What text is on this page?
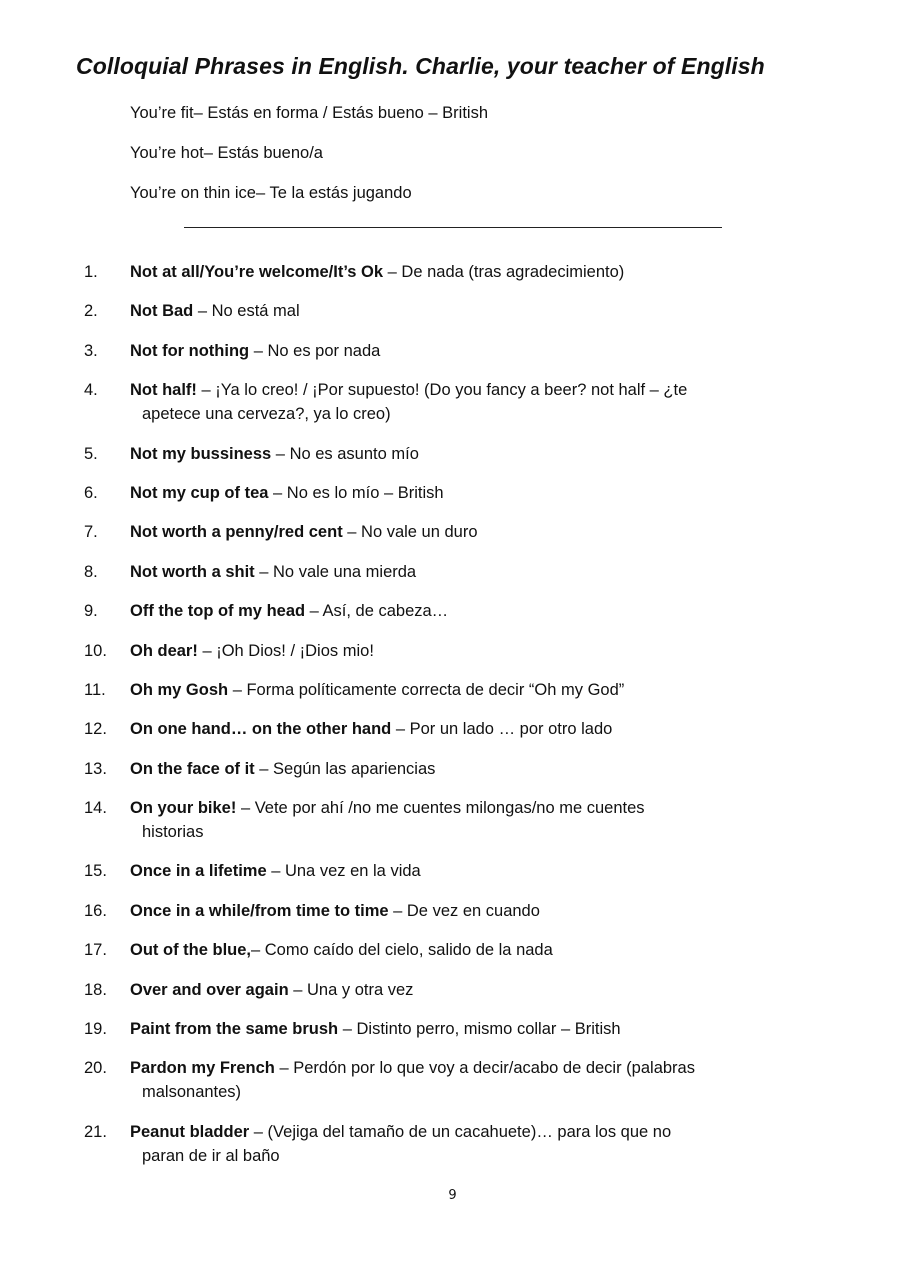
Colloquial Phrases in English. Charlie, your teacher of English
You’re fit– Estás en forma / Estás bueno – British
You’re hot– Estás bueno/a
You’re on thin ice– Te la estás jugando
1. Not at all/You’re welcome/It’s Ok – De nada (tras agradecimiento)
2. Not Bad – No está mal
3. Not for nothing – No es por nada
4. Not half! – ¡Ya lo creo! / ¡Por supuesto! (Do you fancy a beer? not half – ¿te
apetece una cerveza?, ya lo creo)
5. Not my bussiness – No es asunto mío
6. Not my cup of tea – No es lo mío – British
7. Not worth a penny/red cent – No vale un duro
8. Not worth a shit – No vale una mierda
9. Off the top of my head – Así, de cabeza…
10. Oh dear! – ¡Oh Dios! / ¡Dios mio!
11. Oh my Gosh – Forma políticamente correcta de decir “Oh my God”
12. On one hand… on the other hand – Por un lado … por otro lado
13. On the face of it – Según las apariencias
14. On your bike! – Vete por ahí /no me cuentes milongas/no me cuentes
historias
15. Once in a lifetime – Una vez en la vida
16. Once in a while/from time to time – De vez en cuando
17. Out of the blue,– Como caído del cielo, salido de la nada
18. Over and over again – Una y otra vez
19. Paint from the same brush – Distinto perro, mismo collar – British
20. Pardon my French – Perdón por lo que voy a decir/acabo de decir (palabras
malsonantes)
21. Peanut bladder – (Vejiga del tamaño de un cacahuete)… para los que no
paran de ir al baño
9
